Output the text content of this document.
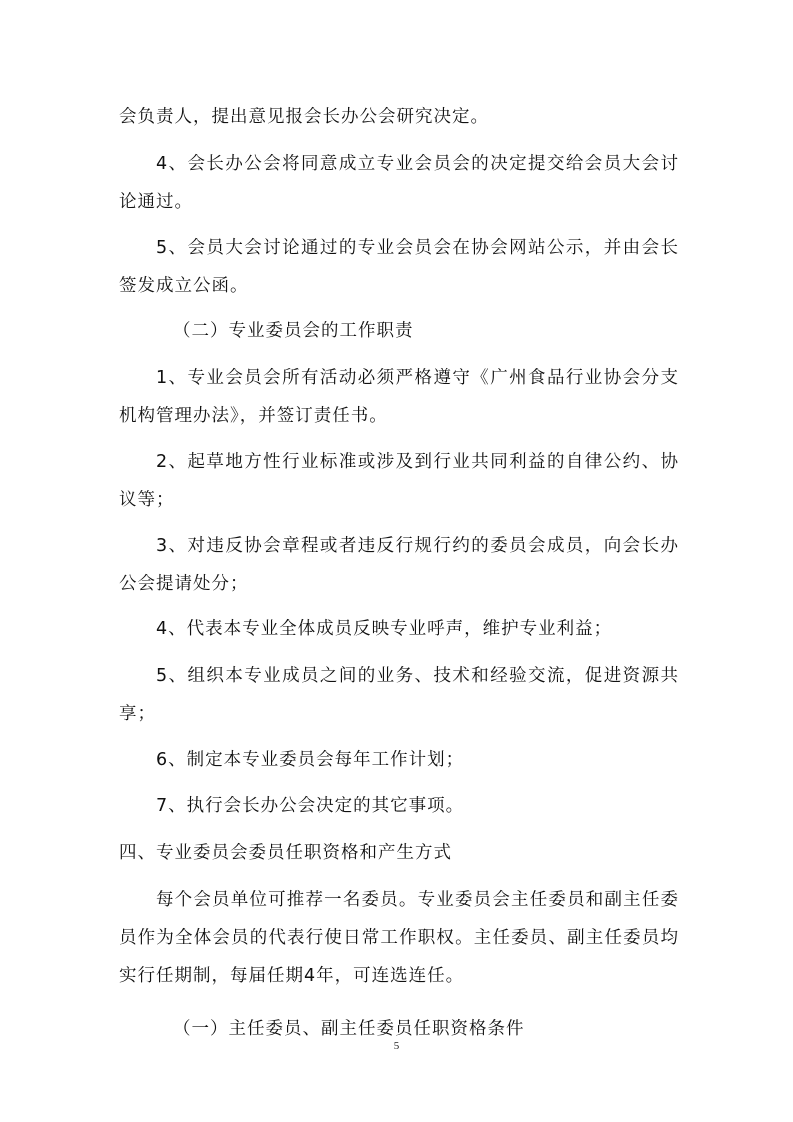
会负责人，提出意见报会长办公会研究决定。

4、会长办公会将同意成立专业会员会的决定提交给会员大会讨论通过。

5、会员大会讨论通过的专业会员会在协会网站公示，并由会长签发成立公函。

（二）专业委员会的工作职责

1、专业会员会所有活动必须严格遵守《广州食品行业协会分支机构管理办法》，并签订责任书。

2、起草地方性行业标准或涉及到行业共同利益的自律公约、协议等；

3、对违反协会章程或者违反行规行约的委员会成员，向会长办公会提请处分；

4、代表本专业全体成员反映专业呼声，维护专业利益；

5、组织本专业成员之间的业务、技术和经验交流，促进资源共享；

6、制定本专业委员会每年工作计划；

7、执行会长办公会决定的其它事项。

四、专业委员会委员任职资格和产生方式

每个会员单位可推荐一名委员。专业委员会主任委员和副主任委员作为全体会员的代表行使日常工作职权。主任委员、副主任委员均实行任期制，每届任期4年，可连选连任。

（一）主任委员、副主任委员任职资格条件

5
